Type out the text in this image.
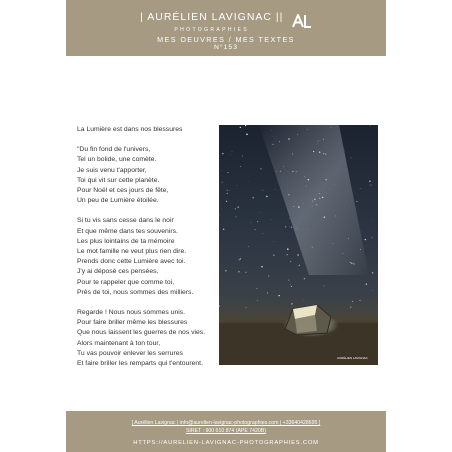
| AURÉLIEN LAVIGNAC ||
PHOTOGRAPHIES

MES OEUVRES / MES TEXTES
N°153
La Lumière est dans nos blessures
"Du fin fond de l'univers,
Tel un bolide, une comète.
Je suis venu t'apporter,
Toi qui vit sur cette planète.
Pour Noël et ces jours de fête,
Un peu de Lumière étoilée.
Si tu vis sans cesse dans le noir
Et que même dans tes souvenirs.
Les plus lointains de ta mémoire
Le mot famille ne veut plus rien dire.
Prends donc cette Lumière avec toi.
J'y ai déposé ces pensées,
Pour te rappeler que comme toi,
Près de toi, nous sommes des milliers.
Regarde ! Nous nous sommes unis.
Pour faire briller même les blessures
Que nous laissent les guerres de nos vies.
Alors maintenant à ton tour,
Tu vas pouvoir enlever les serrures
Et faire briller les remparts qui t'entourent.
AURÉLIEN LAVIGNAC
[ Aurélien Lavignac | info@aurelien-lavignac-photographies.com | +33640428695 ]
SIRET : 900 610 874 (APE 7420B)
HTTPS://AURELIEN-LAVIGNAC-PHOTOGRAPHIES.COM
